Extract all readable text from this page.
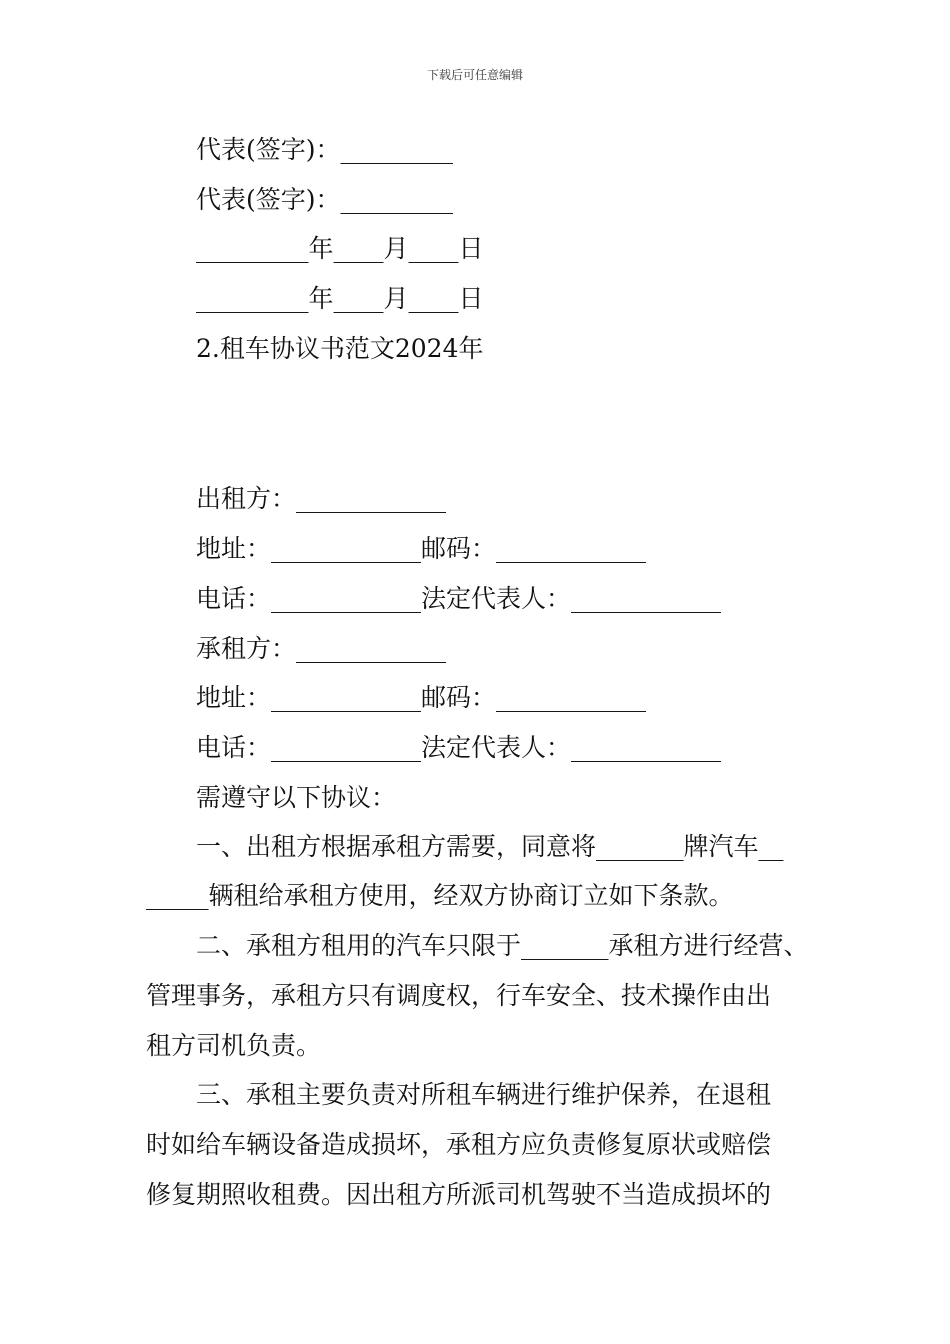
下载后可任意编辑
代表(签字)：_________
代表(签字)：_________
_________年____月____日
_________年____月____日
2.租车协议书范文2024年
出租方：____________
地址：____________邮码：____________
电话：____________法定代表人：____________
承租方：____________
地址：____________邮码：____________
电话：____________法定代表人：____________
需遵守以下协议：
一、出租方根据承租方需要，同意将_______牌汽车__
_____辆租给承租方使用，经双方协商订立如下条款。
二、承租方租用的汽车只限于_______承租方进行经营、
管理事务，承租方只有调度权，行车安全、技术操作由出
租方司机负责。
三、承租主要负责对所租车辆进行维护保养，在退租
时如给车辆设备造成损坏，承租方应负责修复原状或赔偿
修复期照收租费。因出租方所派司机驾驶不当造成损坏的
